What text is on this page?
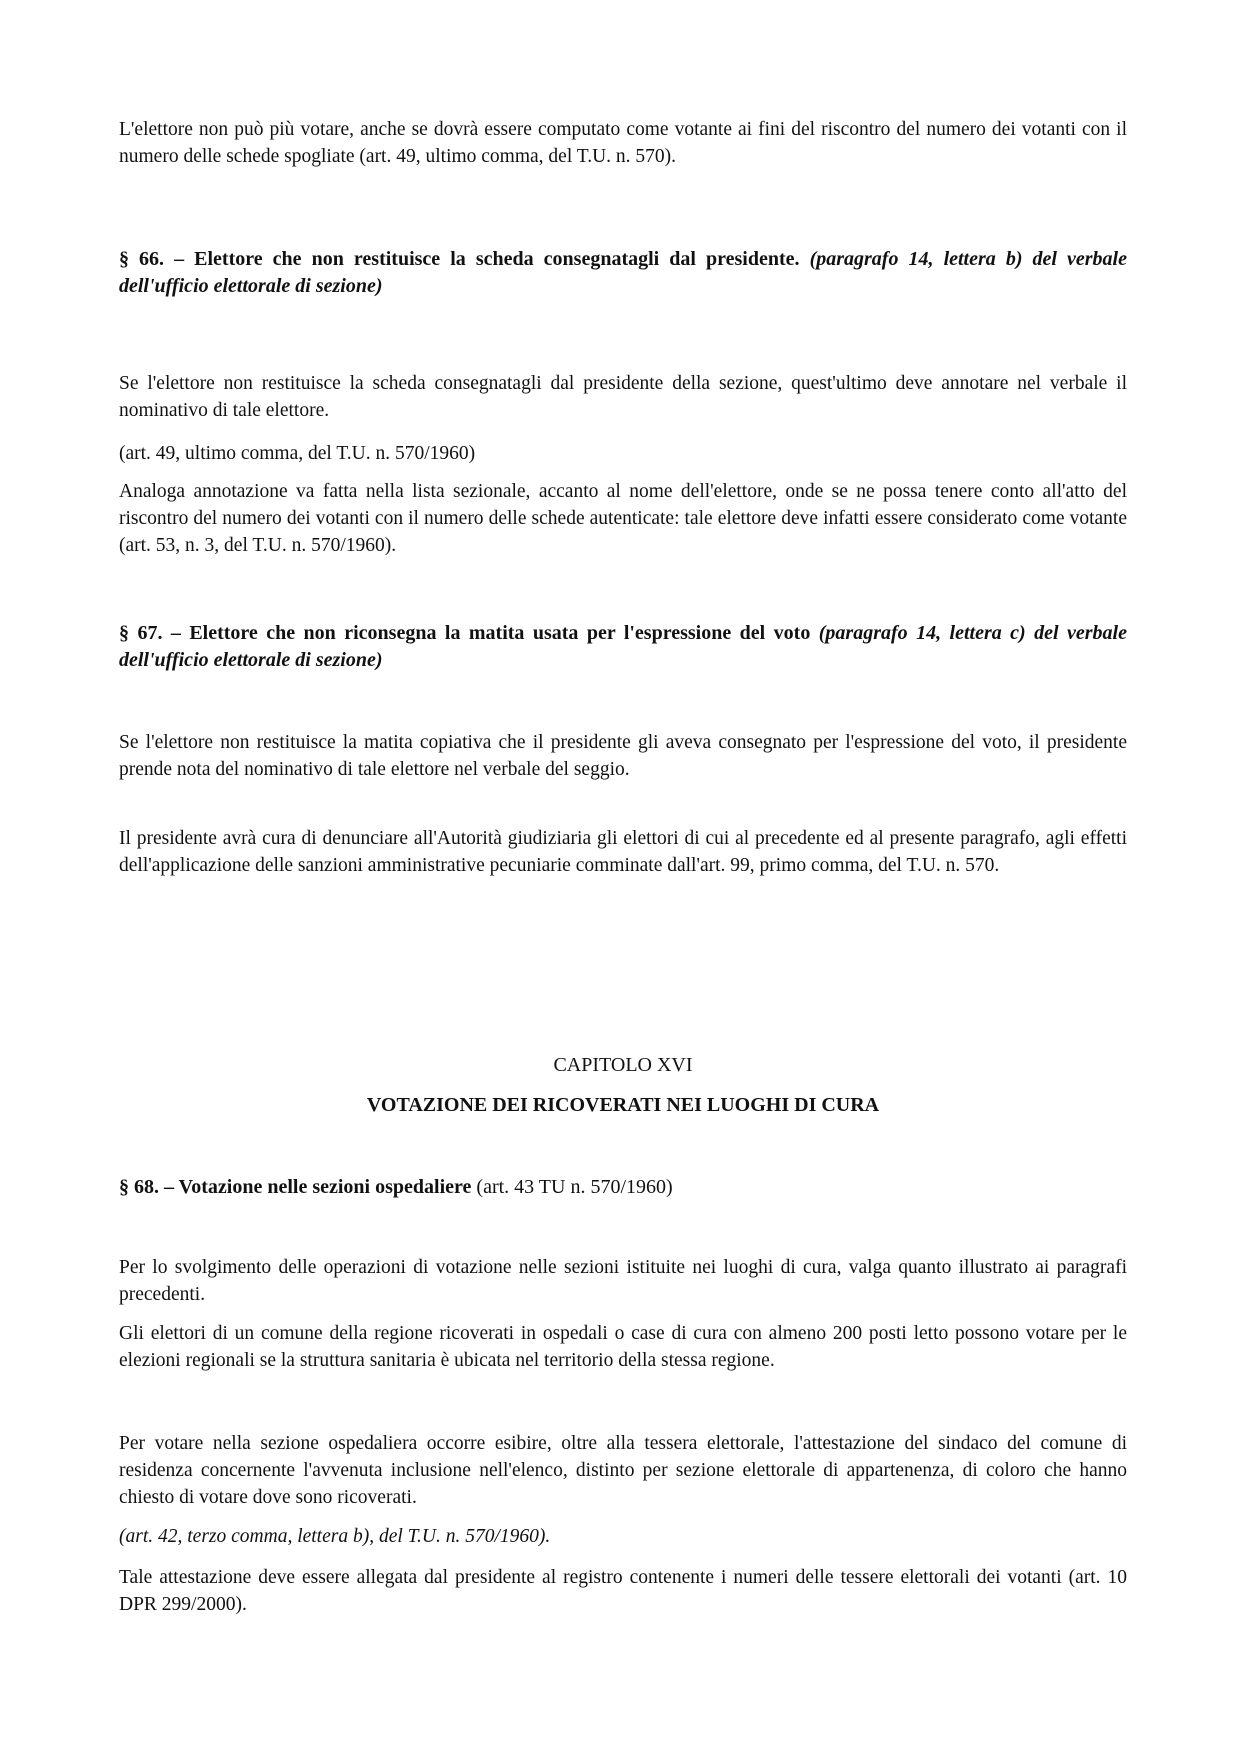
L'elettore non può più votare, anche se dovrà essere computato come votante ai fini del riscontro del numero dei votanti con il numero delle schede spogliate (art. 49, ultimo comma, del T.U. n. 570).

§ 66. – Elettore che non restituisce la scheda consegnatagli dal presidente. (paragrafo 14, lettera b) del verbale dell'ufficio elettorale di sezione)

Se l'elettore non restituisce la scheda consegnatagli dal presidente della sezione, quest'ultimo deve annotare nel verbale il nominativo di tale elettore.

(art. 49, ultimo comma, del T.U. n. 570/1960)

Analoga annotazione va fatta nella lista sezionale, accanto al nome dell'elettore, onde se ne possa tenere conto all'atto del riscontro del numero dei votanti con il numero delle schede autenticate: tale elettore deve infatti essere considerato come votante (art. 53, n. 3, del T.U. n. 570/1960).

§ 67. – Elettore che non riconsegna la matita usata per l'espressione del voto (paragrafo 14, lettera c) del verbale dell'ufficio elettorale di sezione)

Se l'elettore non restituisce la matita copiativa che il presidente gli aveva consegnato per l'espressione del voto, il presidente prende nota del nominativo di tale elettore nel verbale del seggio.

Il presidente avrà cura di denunciare all'Autorità giudiziaria gli elettori di cui al precedente ed al presente paragrafo, agli effetti dell'applicazione delle sanzioni amministrative pecuniarie comminate dall'art. 99, primo comma, del T.U. n. 570.

CAPITOLO XVI

VOTAZIONE DEI RICOVERATI NEI LUOGHI DI CURA

§ 68. – Votazione nelle sezioni ospedaliere (art. 43 TU n. 570/1960)

Per lo svolgimento delle operazioni di votazione nelle sezioni istituite nei luoghi di cura, valga quanto illustrato ai paragrafi precedenti.

Gli elettori di un comune della regione ricoverati in ospedali o case di cura con almeno 200 posti letto possono votare per le elezioni regionali se la struttura sanitaria è ubicata nel territorio della stessa regione.

Per votare nella sezione ospedaliera occorre esibire, oltre alla tessera elettorale, l'attestazione del sindaco del comune di residenza concernente l'avvenuta inclusione nell'elenco, distinto per sezione elettorale di appartenenza, di coloro che hanno chiesto di votare dove sono ricoverati.

(art. 42, terzo comma, lettera b), del T.U. n. 570/1960).

Tale attestazione deve essere allegata dal presidente al registro contenente i numeri delle tessere elettorali dei votanti (art. 10 DPR 299/2000).
